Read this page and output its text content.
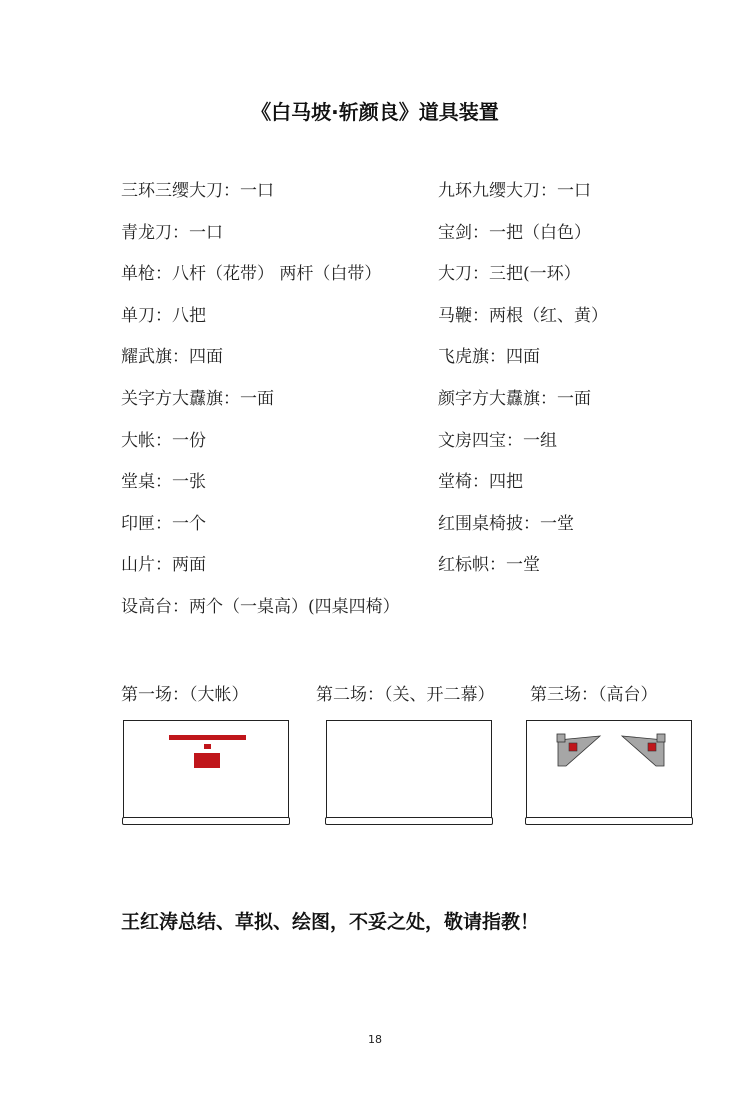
《白马坡·斩颜良》道具装置
三环三缨大刀：一口
青龙刀：一口
单枪：八杆（花带） 两杆（白带）
单刀：八把
耀武旗：四面
关字方大纛旗：一面
大帐：一份
堂桌：一张
印匣：一个
山片：两面
设高台：两个（一桌高）(四桌四椅）
九环九缨大刀：一口
宝剑：一把（白色）
大刀：三把(一环）
马鞭：两根（红、黄）
飞虎旗：四面
颜字方大纛旗：一面
文房四宝：一组
堂椅：四把
红围桌椅披：一堂
红标帜：一堂
第一场：（大帐）	第二场：（关、开二幕） 第三场：（高台）
王红涛总结、草拟、绘图，不妥之处，敬请指教！
18
